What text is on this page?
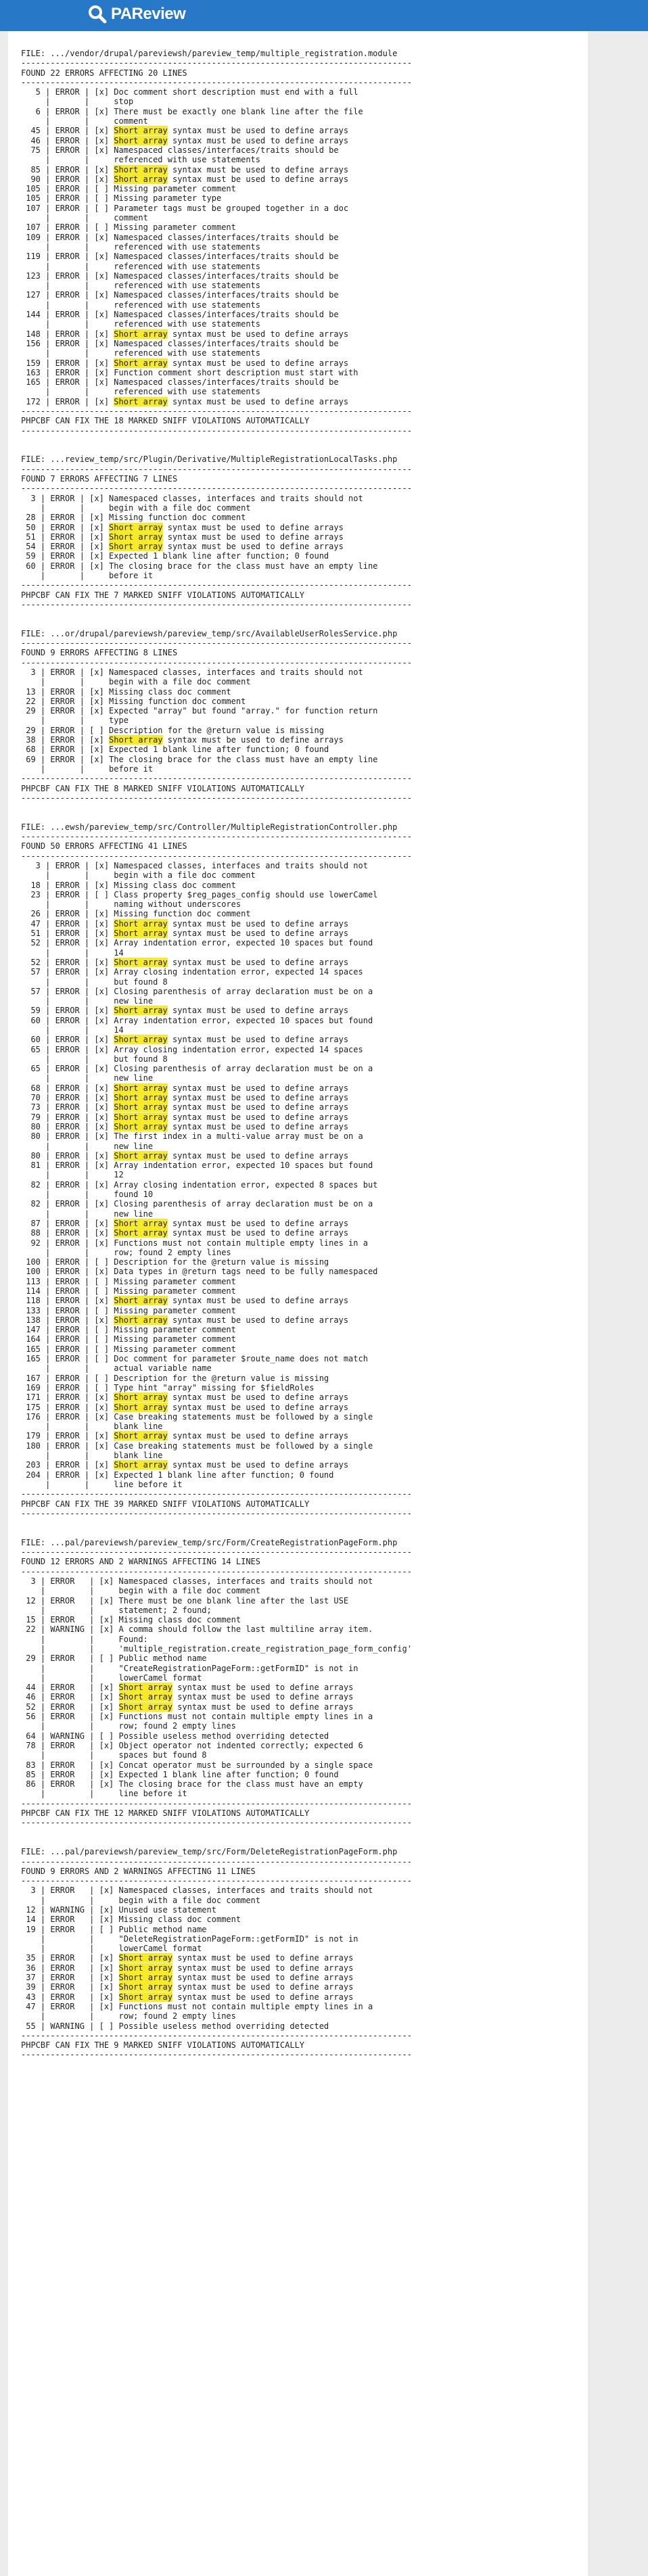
PAReview
FILE: .../vendor/drupal/pareviewsh/pareview_temp/multiple_registration.module
--------------------------------------------------------------------------------
FOUND 22 ERRORS AFFECTING 20 LINES
--------------------------------------------------------------------------------
5 | ERROR | [x] Doc comment short description must end with a full
|       |     stop
6 | ERROR | [x] There must be exactly one blank line after the file
|       |     comment
45 | ERROR | [x] Short array syntax must be used to define arrays
46 | ERROR | [x] Short array syntax must be used to define arrays
75 | ERROR | [x] Namespaced classes/interfaces/traits should be
|       |     referenced with use statements
85 | ERROR | [x] Short array syntax must be used to define arrays
90 | ERROR | [x] Short array syntax must be used to define arrays
105 | ERROR | [ ] Missing parameter comment
105 | ERROR | [ ] Missing parameter type
107 | ERROR | [ ] Parameter tags must be grouped together in a doc
|       |     comment
107 | ERROR | [ ] Missing parameter comment
109 | ERROR | [x] Namespaced classes/interfaces/traits should be
|       |     referenced with use statements
119 | ERROR | [x] Namespaced classes/interfaces/traits should be
|       |     referenced with use statements
123 | ERROR | [x] Namespaced classes/interfaces/traits should be
|       |     referenced with use statements
127 | ERROR | [x] Namespaced classes/interfaces/traits should be
|       |     referenced with use statements
144 | ERROR | [x] Namespaced classes/interfaces/traits should be
|       |     referenced with use statements
148 | ERROR | [x] Short array syntax must be used to define arrays
156 | ERROR | [x] Namespaced classes/interfaces/traits should be
|       |     referenced with use statements
159 | ERROR | [x] Short array syntax must be used to define arrays
163 | ERROR | [x] Function comment short description must start with
165 | ERROR | [x] Namespaced classes/interfaces/traits should be
|       |     referenced with use statements
172 | ERROR | [x] Short array syntax must be used to define arrays
--------------------------------------------------------------------------------
PHPCBF CAN FIX THE 18 MARKED SNIFF VIOLATIONS AUTOMATICALLY
--------------------------------------------------------------------------------

FILE: ...review_temp/src/Plugin/Derivative/MultipleRegistrationLocalTasks.php
--------------------------------------------------------------------------------
FOUND 7 ERRORS AFFECTING 7 LINES
--------------------------------------------------------------------------------
3 | ERROR | [x] Namespaced classes, interfaces and traits should not
|       |     begin with a file doc comment
28 | ERROR | [x] Missing function doc comment
50 | ERROR | [x] Short array syntax must be used to define arrays
51 | ERROR | [x] Short array syntax must be used to define arrays
54 | ERROR | [x] Short array syntax must be used to define arrays
59 | ERROR | [x] Expected 1 blank line after function; 0 found
60 | ERROR | [x] The closing brace for the class must have an empty line
|       |     before it
--------------------------------------------------------------------------------
PHPCBF CAN FIX THE 7 MARKED SNIFF VIOLATIONS AUTOMATICALLY
--------------------------------------------------------------------------------

FILE: ...or/drupal/pareviewsh/pareview_temp/src/AvailableUserRolesService.php
--------------------------------------------------------------------------------
FOUND 9 ERRORS AFFECTING 8 LINES
--------------------------------------------------------------------------------
3 | ERROR | [x] Namespaced classes, interfaces and traits should not
|       |     begin with a file doc comment
13 | ERROR | [x] Missing class doc comment
22 | ERROR | [x] Missing function doc comment
29 | ERROR | [x] Expected "array" but found "array." for function return
|       |     type
29 | ERROR | [ ] Description for the @return value is missing
38 | ERROR | [x] Short array syntax must be used to define arrays
68 | ERROR | [x] Expected 1 blank line after function; 0 found
69 | ERROR | [x] The closing brace for the class must have an empty line
|       |     before it
--------------------------------------------------------------------------------
PHPCBF CAN FIX THE 8 MARKED SNIFF VIOLATIONS AUTOMATICALLY
--------------------------------------------------------------------------------

FILE: ...ewsh/pareview_temp/src/Controller/MultipleRegistrationController.php
--------------------------------------------------------------------------------
FOUND 50 ERRORS AFFECTING 41 LINES
--------------------------------------------------------------------------------
3 | ERROR | [x] Namespaced classes, interfaces and traits should not
|       |     begin with a file doc comment
18 | ERROR | [x] Missing class doc comment
23 | ERROR | [ ] Class property $reg_pages_config should use lowerCamel
|       |     naming without underscores
26 | ERROR | [x] Missing function doc comment
47 | ERROR | [x] Short array syntax must be used to define arrays
51 | ERROR | [x] Short array syntax must be used to define arrays
52 | ERROR | [x] Array indentation error, expected 10 spaces but found
|       |     14
52 | ERROR | [x] Short array syntax must be used to define arrays
57 | ERROR | [x] Array closing indentation error, expected 14 spaces
|       |     but found 8
57 | ERROR | [x] Closing parenthesis of array declaration must be on a
|       |     new line
59 | ERROR | [x] Short array syntax must be used to define arrays
60 | ERROR | [x] Array indentation error, expected 10 spaces but found
|       |     14
60 | ERROR | [x] Short array syntax must be used to define arrays
65 | ERROR | [x] Array closing indentation error, expected 14 spaces
|       |     but found 8
65 | ERROR | [x] Closing parenthesis of array declaration must be on a
|       |     new line
68 | ERROR | [x] Short array syntax must be used to define arrays
70 | ERROR | [x] Short array syntax must be used to define arrays
73 | ERROR | [x] Short array syntax must be used to define arrays
79 | ERROR | [x] Short array syntax must be used to define arrays
80 | ERROR | [x] Short array syntax must be used to define arrays
80 | ERROR | [x] The first index in a multi-value array must be on a
|       |     new line
80 | ERROR | [x] Short array syntax must be used to define arrays
81 | ERROR | [x] Array indentation error, expected 10 spaces but found
|       |     12
82 | ERROR | [x] Array closing indentation error, expected 8 spaces but
|       |     found 10
82 | ERROR | [x] Closing parenthesis of array declaration must be on a
|       |     new line
87 | ERROR | [x] Short array syntax must be used to define arrays
88 | ERROR | [x] Short array syntax must be used to define arrays
92 | ERROR | [x] Functions must not contain multiple empty lines in a
|       |     row; found 2 empty lines
100 | ERROR | [ ] Description for the @return value is missing
100 | ERROR | [x] Data types in @return tags need to be fully namespaced
113 | ERROR | [ ] Missing parameter comment
114 | ERROR | [ ] Missing parameter comment
118 | ERROR | [x] Short array syntax must be used to define arrays
133 | ERROR | [ ] Missing parameter comment
138 | ERROR | [x] Short array syntax must be used to define arrays
147 | ERROR | [ ] Missing parameter comment
164 | ERROR | [ ] Missing parameter comment
165 | ERROR | [ ] Missing parameter comment
165 | ERROR | [ ] Doc comment for parameter $route_name does not match
|       |     actual variable name
167 | ERROR | [ ] Description for the @return value is missing
169 | ERROR | [ ] Type hint "array" missing for $fieldRoles
171 | ERROR | [x] Short array syntax must be used to define arrays
175 | ERROR | [x] Short array syntax must be used to define arrays
176 | ERROR | [x] Case breaking statements must be followed by a single
|       |     blank line
179 | ERROR | [x] Short array syntax must be used to define arrays
180 | ERROR | [x] Case breaking statements must be followed by a single
|       |     blank line
203 | ERROR | [x] Short array syntax must be used to define arrays
204 | ERROR | [x] Expected 1 blank line after function; 0 found
|       |     line before it
--------------------------------------------------------------------------------
PHPCBF CAN FIX THE 39 MARKED SNIFF VIOLATIONS AUTOMATICALLY
--------------------------------------------------------------------------------

FILE: ...pal/pareviewsh/pareview_temp/src/Form/CreateRegistrationPageForm.php
--------------------------------------------------------------------------------
FOUND 12 ERRORS AND 2 WARNINGS AFFECTING 14 LINES
--------------------------------------------------------------------------------
3 | ERROR   | [x] Namespaced classes, interfaces and traits should not
|         |     begin with a file doc comment
12 | ERROR   | [x] There must be one blank line after the last USE
|         |     statement; 2 found;
15 | ERROR   | [x] Missing class doc comment
22 | WARNING | [x] A comma should follow the last multiline array item.
|         |     Found:
|         |     'multiple_registration.create_registration_page_form_config'
29 | ERROR   | [ ] Public method name
|         |     "CreateRegistrationPageForm::getFormID" is not in
|         |     lowerCamel format
44 | ERROR   | [x] Short array syntax must be used to define arrays
46 | ERROR   | [x] Short array syntax must be used to define arrays
52 | ERROR   | [x] Short array syntax must be used to define arrays
56 | ERROR   | [x] Functions must not contain multiple empty lines in a
|         |     row; found 2 empty lines
64 | WARNING | [ ] Possible useless method overriding detected
78 | ERROR   | [x] Object operator not indented correctly; expected 6
|         |     spaces but found 8
83 | ERROR   | [x] Concat operator must be surrounded by a single space
85 | ERROR   | [x] Expected 1 blank line after function; 0 found
86 | ERROR   | [x] The closing brace for the class must have an empty
|         |     line before it
--------------------------------------------------------------------------------
PHPCBF CAN FIX THE 12 MARKED SNIFF VIOLATIONS AUTOMATICALLY
--------------------------------------------------------------------------------

FILE: ...pal/pareviewsh/pareview_temp/src/Form/DeleteRegistrationPageForm.php
--------------------------------------------------------------------------------
FOUND 9 ERRORS AND 2 WARNINGS AFFECTING 11 LINES
--------------------------------------------------------------------------------
3 | ERROR   | [x] Namespaced classes, interfaces and traits should not
|         |     begin with a file doc comment
12 | WARNING | [x] Unused use statement
14 | ERROR   | [x] Missing class doc comment
19 | ERROR   | [ ] Public method name
|         |     "DeleteRegistrationPageForm::getFormID" is not in
|         |     lowerCamel format
35 | ERROR   | [x] Short array syntax must be used to define arrays
36 | ERROR   | [x] Short array syntax must be used to define arrays
37 | ERROR   | [x] Short array syntax must be used to define arrays
39 | ERROR   | [x] Short array syntax must be used to define arrays
43 | ERROR   | [x] Short array syntax must be used to define arrays
47 | ERROR   | [x] Functions must not contain multiple empty lines in a
|         |     row; found 2 empty lines
55 | WARNING | [ ] Possible useless method overriding detected
--------------------------------------------------------------------------------
PHPCBF CAN FIX THE 9 MARKED SNIFF VIOLATIONS AUTOMATICALLY
--------------------------------------------------------------------------------
